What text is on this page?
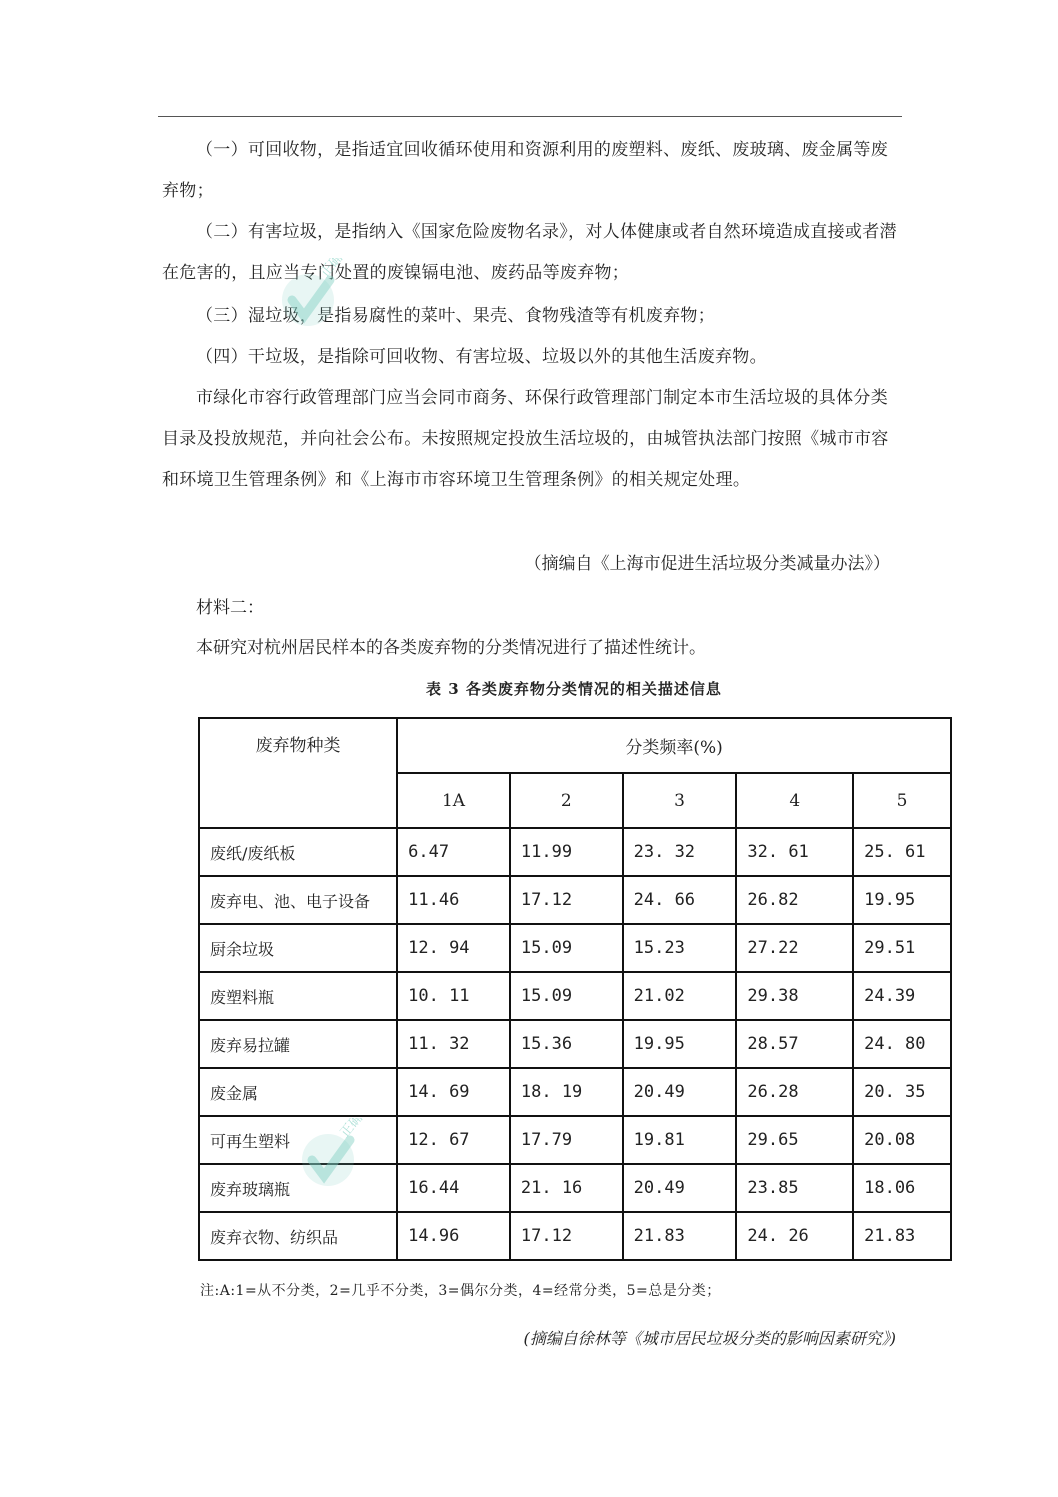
（一）可回收物，是指适宜回收循环使用和资源利用的废塑料、废纸、废玻璃、废金属等废弃物；

（二）有害垃圾，是指纳入《国家危险废物名录》，对人体健康或者自然环境造成直接或者潜在危害的，且应当专门处置的废镍镉电池、废药品等废弃物；

（三）湿垃圾，是指易腐性的菜叶、果壳、食物残渣等有机废弃物；

（四）干垃圾，是指除可回收物、有害垃圾、垃圾以外的其他生活废弃物。

市绿化市容行政管理部门应当会同市商务、环保行政管理部门制定本市生活垃圾的具体分类目录及投放规范，并向社会公布。未按照规定投放生活垃圾的，由城管执法部门按照《城市市容和环境卫生管理条例》和《上海市市容环境卫生管理条例》的相关规定处理。

（摘编自《上海市促进生活垃圾分类减量办法》）

材料二：

本研究对杭州居民样本的各类废弃物的分类情况进行了描述性统计。

表 3 各类废弃物分类情况的相关描述信息

废弃物种类	分类频率(%)				
	1A	2	3	4	5
废纸/废纸板	6.47	11.99	23. 32	32. 61	25. 61
废弃电、池、电子设备	11.46	17.12	24. 66	26.82	19.95
厨余垃圾	12. 94	15.09	15.23	27.22	29.51
废塑料瓶	10. 11	15.09	21.02	29.38	24.39
废弃易拉罐	11. 32	15.36	19.95	28.57	24. 80
废金属	14. 69	18. 19	20.49	26.28	20. 35
可再生塑料	12. 67	17.79	19.81	29.65	20.08
废弃玻璃瓶	16.44	21. 16	20.49	23.85	18.06
废弃衣物、纺织品	14.96	17.12	21.83	24. 26	21.83

注:A:1=从不分类，2=几乎不分类，3=偶尔分类，4=经常分类，5=总是分类；

(摘编自徐林等《城市居民垃圾分类的影响因素研究》)

正确云
正确云
